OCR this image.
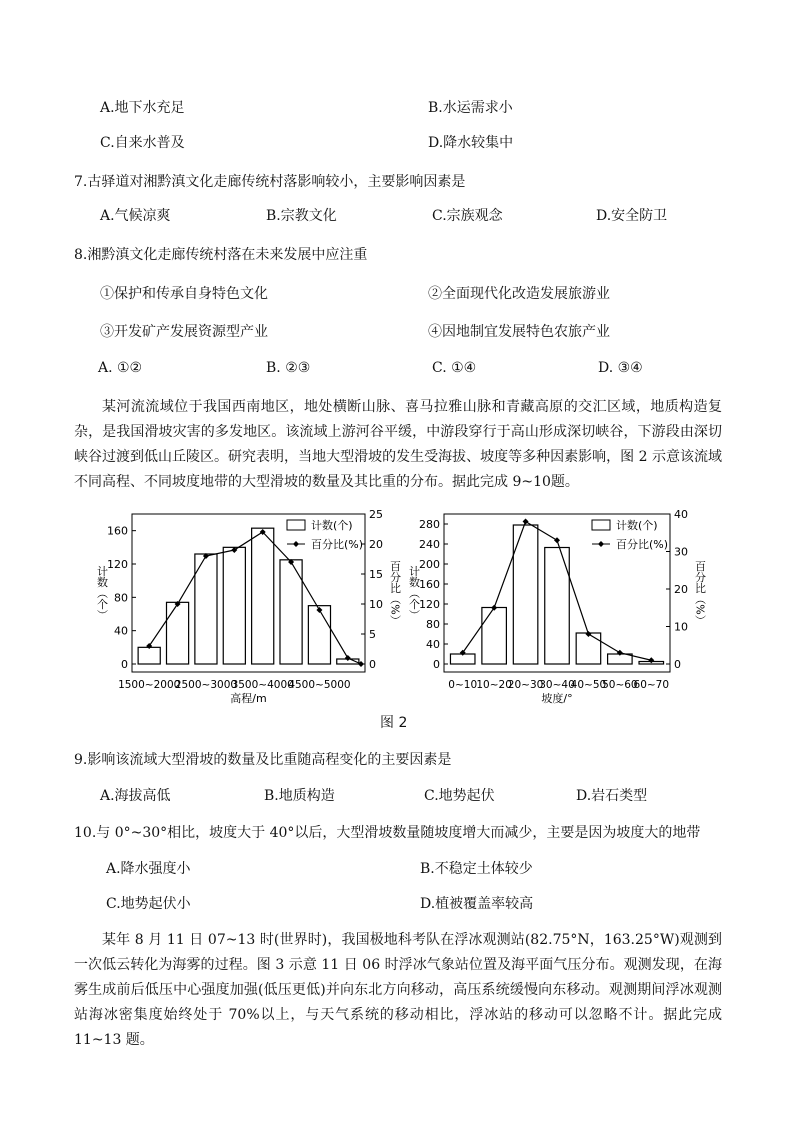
A.地下水充足	B.水运需求小
C.自来水普及	D.降水较集中
7.古驿道对湘黔滇文化走廊传统村落影响较小，主要影响因素是
A.气候凉爽	B.宗教文化	C.宗族观念	D.安全防卫
8.湘黔滇文化走廊传统村落在未来发展中应注重
①保护和传承自身特色文化	②全面现代化改造发展旅游业
③开发矿产发展资源型产业	④因地制宜发展特色农旅产业
A. ①②	B. ②③	C. ①④	D. ③④
某河流流域位于我国西南地区，地处横断山脉、喜马拉雅山脉和青藏高原的交汇区域，地质构造复杂，是我国滑坡灾害的多发地区。该流域上游河谷平缓，中游段穿行于高山形成深切峡谷，下游段由深切峡谷过渡到低山丘陵区。研究表明，当地大型滑坡的发生受海拔、坡度等多种因素影响，图 2 示意该流域不同高程、不同坡度地带的大型滑坡的数量及其比重的分布。据此完成 9~10题。
0
40
80
120
160
0
5
10
15
20
25
计数（个）	百分比（%）
1500~2000
2500~3000
3500~4000
4500~5000
高程/m
计数(个)
百分比(%)
0
40
80
120
160
200
240
280
0
10
20
30
40
计数（个）	百分比（%）
0~10 10~20
20~30
30~40
40~50
50~60
60~70
坡度/°
计数(个)
百分比(%)
图 2
9.影响该流域大型滑坡的数量及比重随高程变化的主要因素是
A.海拔高低	B.地质构造	C.地势起伏	D.岩石类型
10.与 0°~30°相比，坡度大于 40°以后，大型滑坡数量随坡度增大而减少，主要是因为坡度大的地带
A.降水强度小	B.不稳定土体较少
C.地势起伏小	D.植被覆盖率较高
某年 8 月 11 日 07~13 时(世界时)，我国极地科考队在浮冰观测站(82.75°N，163.25°W)观测到一次低云转化为海雾的过程。图 3 示意 11 日 06 时浮冰气象站位置及海平面气压分布。观测发现，在海雾生成前后低压中心强度加强(低压更低)并向东北方向移动，高压系统缓慢向东移动。观测期间浮冰观测站海冰密集度始终处于 70%以上，与天气系统的移动相比，浮冰站的移动可以忽略不计。据此完成 11~13 题。
